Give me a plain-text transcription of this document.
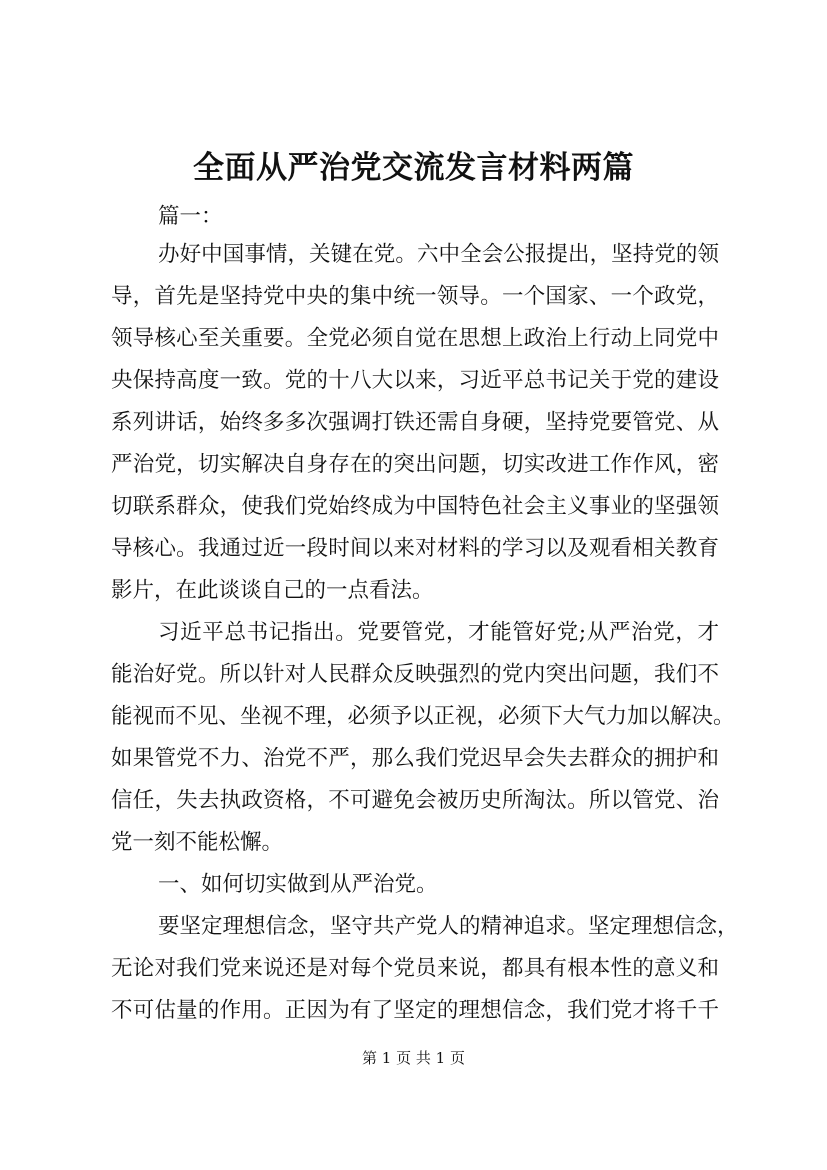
全面从严治党交流发言材料两篇

篇一：

办好中国事情，关键在党。六中全会公报提出，坚持党的领

导，首先是坚持党中央的集中统一领导。一个国家、一个政党，

领导核心至关重要。全党必须自觉在思想上政治上行动上同党中

央保持高度一致。党的十八大以来，习近平总书记关于党的建设

系列讲话，始终多多次强调打铁还需自身硬，坚持党要管党、从

严治党，切实解决自身存在的突出问题，切实改进工作作风，密

切联系群众，使我们党始终成为中国特色社会主义事业的坚强领

导核心。我通过近一段时间以来对材料的学习以及观看相关教育

影片，在此谈谈自己的一点看法。

习近平总书记指出。党要管党，才能管好党;从严治党，才

能治好党。所以针对人民群众反映强烈的党内突出问题，我们不

能视而不见、坐视不理，必须予以正视，必须下大气力加以解决。

如果管党不力、治党不严，那么我们党迟早会失去群众的拥护和

信任，失去执政资格，不可避免会被历史所淘汰。所以管党、治

党一刻不能松懈。

一、如何切实做到从严治党。

要坚定理想信念，坚守共产党人的精神追求。坚定理想信念，

无论对我们党来说还是对每个党员来说，都具有根本性的意义和

不可估量的作用。正因为有了坚定的理想信念，我们党才将千千

第 1 页 共 1 页
